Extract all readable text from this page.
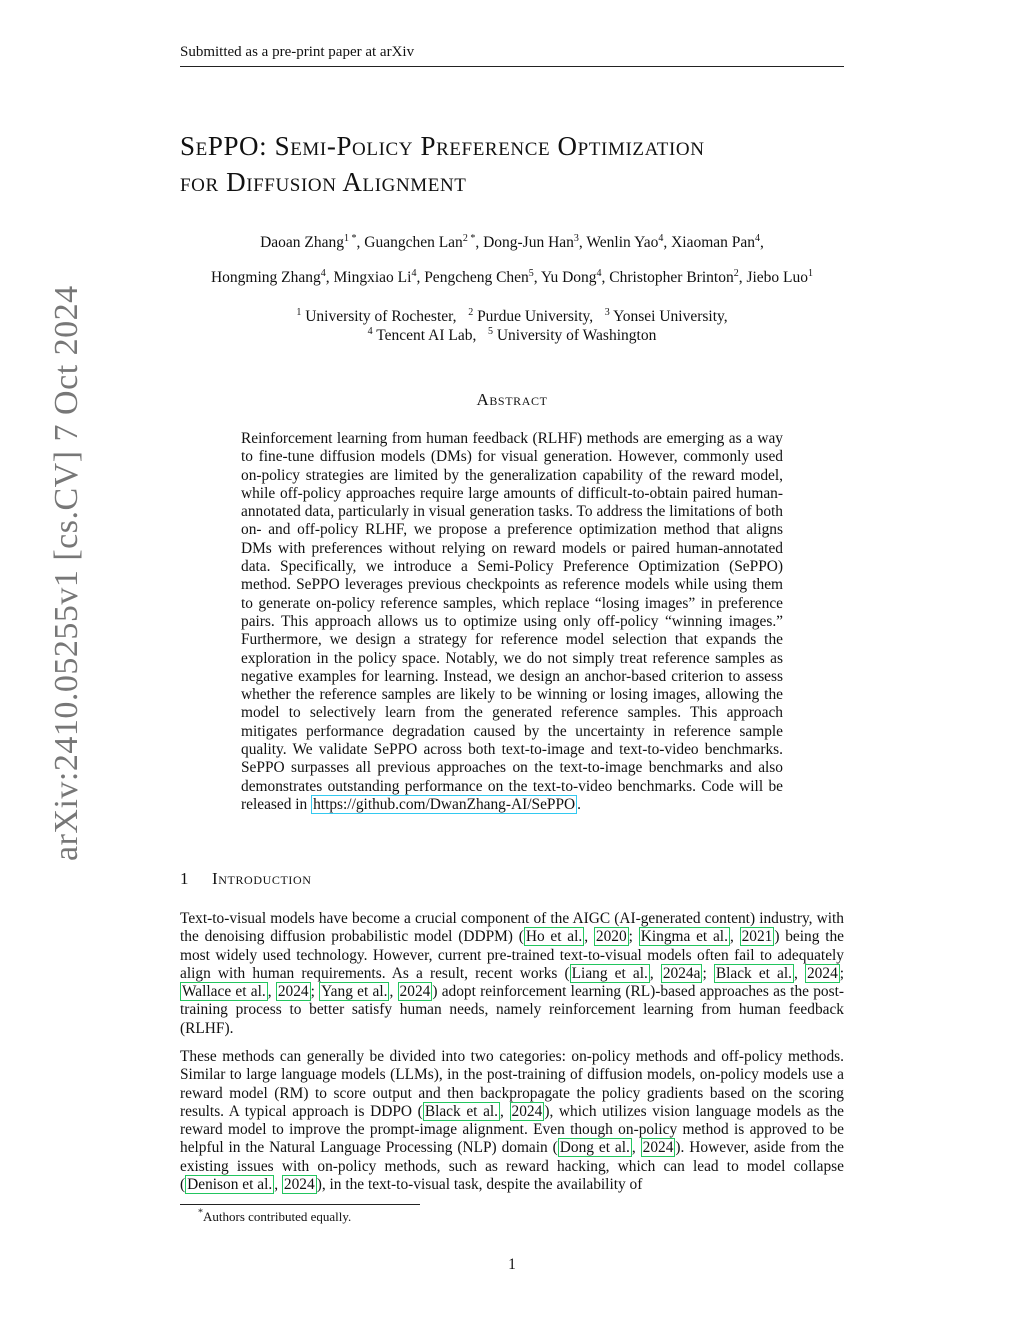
Submitted as a pre-print paper at arXiv
arXiv:2410.05255v1 [cs.CV] 7 Oct 2024
SePPO: Semi-Policy Preference Optimization
for Diffusion Alignment
Daoan Zhang$^{1 *}$, Guangchen Lan$^{2 *}$, Dong-Jun Han$^3$, Wenlin Yao$^4$, Xiaoman Pan$^4$,
Hongming Zhang$^4$, Mingxiao Li$^4$, Pengcheng Chen$^5$, Yu Dong$^4$, Christopher Brinton$^2$, Jiebo Luo$^1$
$^1$ University of Rochester, $^2$ Purdue University, $^3$ Yonsei University,
$^4$ Tencent AI Lab, $^5$ University of Washington
Abstract

Reinforcement learning from human feedback (RLHF) methods are emerging as a way to fine-tune diffusion models (DMs) for visual generation. However, commonly used on-policy strategies are limited by the generalization capability of the reward model, while off-policy approaches require large amounts of difficult-to-obtain paired human-annotated data, particularly in visual generation tasks. To address the limitations of both on- and off-policy RLHF, we propose a preference optimization method that aligns DMs with preferences without relying on reward models or paired human-annotated data. Specifically, we introduce a Semi-Policy Preference Optimization (SePPO) method. SePPO leverages previous checkpoints as reference models while using them to generate on-policy reference samples, which replace “losing images” in preference pairs. This approach allows us to optimize using only off-policy “winning images.” Furthermore, we design a strategy for reference model selection that expands the exploration in the policy space. Notably, we do not simply treat reference samples as negative examples for learning. Instead, we design an anchor-based criterion to assess whether the reference samples are likely to be winning or losing images, allowing the model to selectively learn from the generated reference samples. This approach mitigates performance degradation caused by the uncertainty in reference sample quality. We validate SePPO across both text-to-image and text-to-video benchmarks. SePPO surpasses all previous approaches on the text-to-image benchmarks and also demonstrates outstanding performance on the text-to-video benchmarks. Code will be released in https://github.com/DwanZhang-AI/SePPO .

1 Introduction

Text-to-visual models have become a crucial component of the AIGC (AI-generated content) industry, with the denoising diffusion probabilistic model (DDPM) ( Ho et al. , 2020 ; Kingma et al. , 2021 ) being the most widely used technology. However, current pre-trained text-to-visual models often fail to adequately align with human requirements. As a result, recent works ( Liang et al. , 2024a ; Black et al. , 2024 ; Wallace et al. , 2024 ; Yang et al. , 2024 ) adopt reinforcement learning (RL)-based approaches as the post-training process to better satisfy human needs, namely reinforcement learning from human feedback (RLHF).

These methods can generally be divided into two categories: on-policy methods and off-policy methods. Similar to large language models (LLMs), in the post-training of diffusion models, on-policy models use a reward model (RM) to score output and then backpropagate the policy gradients based on the scoring results. A typical approach is DDPO ( Black et al. , 2024 ), which utilizes vision language models as the reward model to improve the prompt-image alignment. Even though on-policy method is approved to be helpful in the Natural Language Processing (NLP) domain ( Dong et al. , 2024 ). However, aside from the existing issues with on-policy methods, such as reward hacking, which can lead to model collapse ( Denison et al. , 2024 ), in the text-to-visual task, despite the availability of

*Authors contributed equally.
1
